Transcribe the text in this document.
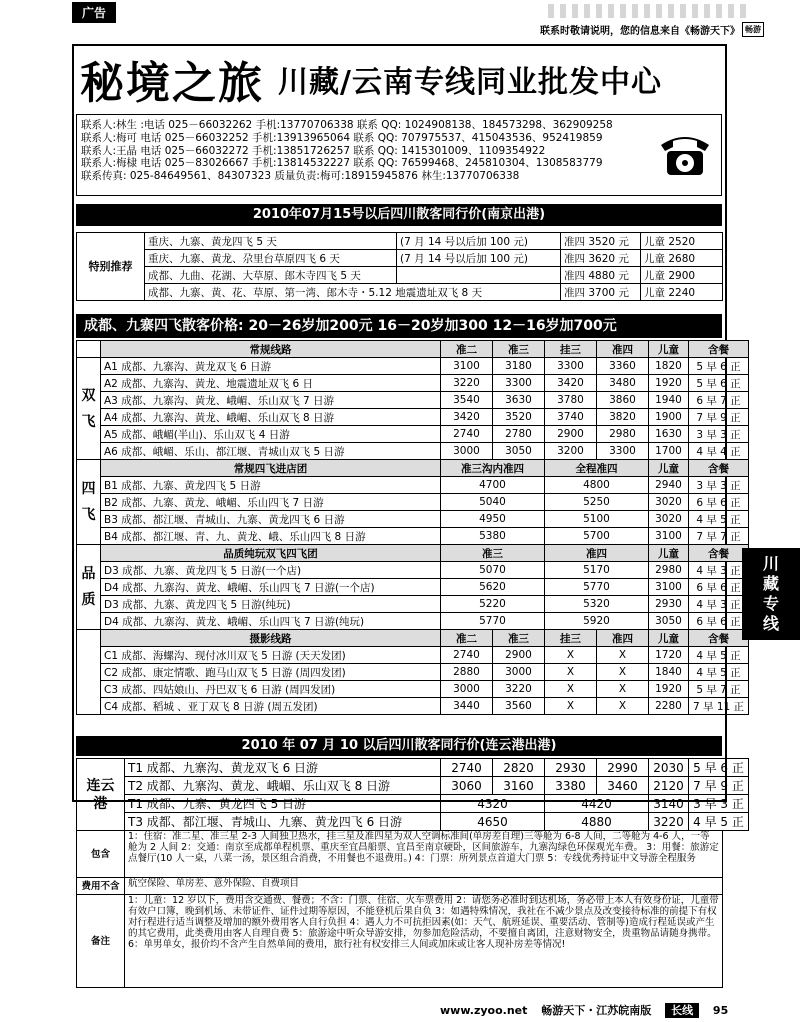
广告
联系时敬请说明，您的信息来自《畅游天下》 畅游
秘境之旅 川藏/云南专线同业批发中心
联系人:林生 :电话 025－66032262 手机:13770706338 联系 QQ: 1024908138、184573298、362909258
联系人:梅可 电话 025－66032252 手机:13913965064 联系 QQ: 707975537、415043536、952419859
联系人:王晶 电话 025－66032272 手机:13851726257 联系 QQ: 1415301009、1109354922
联系人:梅棣 电话 025－83026667 手机:13814532227 联系 QQ: 76599468、245810304、1308583779
联系传真: 025-84649561、84307323 质量负责:梅可:18915945876 林生:13770706338
2010年07月15号以后四川散客同行价(南京出港)
特别推荐	重庆、九寨、黄龙四飞 5 天	(7 月 14 号以后加 100 元)	准四 3520 元	儿童 2520
	重庆、九寨、黄龙、尕里台草原四飞 6 天	(7 月 14 号以后加 100 元)	准四 3620 元	儿童 2680
	成都、九曲、花湖、大草原、郎木寺四飞 5 天		准四 4880 元	儿童 2900
	成都、九寨、黄、花、草原、第一湾、郎木寺・5.12 地震遗址双飞 8 天		准四 3700 元	儿童 2240
成都、九寨四飞散客价格: 20－26岁加200元 16－20岁加300 12－16岁加700元
	常规线路	准二	准三	挂三	准四	儿童	含餐
双飞	A1 成都、九寨沟、黄龙双飞 6 日游	3100	3180	3300	3360	1820	5 早 6 正
	A2 成都、九寨沟、黄龙、地震遗址双飞 6 日	3220	3300	3420	3480	1920	5 早 6 正
	A3 成都、九寨沟、黄龙、峨嵋、乐山双飞 7 日游	3540	3630	3780	3860	1940	6 早 7 正
	A4 成都、九寨沟、黄龙、峨嵋、乐山双飞 8 日游	3420	3520	3740	3820	1900	7 早 9 正
	A5 成都、峨嵋(半山)、乐山双飞 4 日游	2740	2780	2900	2980	1630	3 早 3 正
	A6 成都、峨嵋、乐山、都江堰、青城山双飞 5 日游	3000	3050	3200	3300	1700	4 早 4 正
四飞	常规四飞进店团	准三沟内准四		全程准四		儿童	含餐
	B1 成都、九寨、黄龙四飞 5 日游	4700		4800		2940	3 早 3 正
	B2 成都、九寨、黄龙、峨嵋、乐山四飞 7 日游	5040		5250		3020	6 早 6 正
	B3 成都、都江堰、青城山、九寨、黄龙四飞 6 日游	4950		5100		3020	4 早 5 正
	B4 成都、都江堰、青、九、黄龙、峨、乐山四飞 8 日游	5380		5700		3100	7 早 7 正
品质	品质纯玩双飞四飞团	准三		准四		儿童	含餐
	D3 成都、九寨、黄龙四飞 5 日游(一个店)	5070		5170		2980	4 早 3 正
	D4 成都、九寨沟、黄龙、峨嵋、乐山四飞 7 日游(一个店)	5620		5770		3100	6 早 6 正
	D3 成都、九寨、黄龙四飞 5 日游(纯玩)	5220		5320		2930	4 早 3 正
	D4 成都、九寨沟、黄龙、峨嵋、乐山四飞 7 日游(纯玩)	5770		5920		3050	6 早 6 正
	摄影线路	准二	准三	挂三	准四	儿童	含餐
	C1 成都、海螺沟、现付冰川双飞 5 日游 (天天发团)	2740	2900	X	X	1720	4 早 5 正
	C2 成都、康定情歌、跑马山双飞 5 日游 (周四发团)	2880	3000	X	X	1840	4 早 5 正
	C3 成都、四姑娘山、丹巴双飞 6 日游 (周四发团)	3000	3220	X	X	1920	5 早 7 正
	C4 成都、稻城 、亚丁双飞 8 日游 (周五发团)	3440	3560	X	X	2280	7 早 11 正
2010 年 07 月 10 以后四川散客同行价(连云港出港)
连云港	T1 成都、九寨沟、黄龙双飞 6 日游	2740	2820	2930	2990	2030	5 早 6 正
	T2 成都、九寨沟、黄龙、峨嵋、乐山双飞 8 日游	3060	3160	3380	3460	2120	7 早 9 正
	T1 成都、九寨、黄龙四飞 5 日游	4320		4420		3140	3 早 3 正
	T3 成都、都江堰、青城山、九寨、黄龙四飞 6 日游	4650		4880		3220	4 早 5 正
包含	1：住宿：准二星、准三星 2-3 人间独卫热水，挂三星及准四星为双人空调标准间(单房差自理)三等舱为 6-8 人间，二等舱为 4-6 人，一等舱为 2 人间 2：交通：南京至成都单程机票、重庆至宜昌船票、宜昌至南京硬卧，区间旅游车，九寨沟绿色环保观光车费。 3：用餐：旅游定点餐厅(10 人一桌，八菜一汤，景区组合消费，不用餐也不退费用。) 4：门票：所列景点首道大门票 5：专线优秀持证中文导游全程服务
费用不含	航空保险、单房差、意外保险、自费项目
备注	1：儿童：12 岁以下，费用含交通费、餐费；不含：门票、住宿、火车票费用 2：请您务必准时到达机场，务必带上本人有效身份证，儿童带有效户口簿，晚到机场、未带证件、证件过期等原因，不能登机后果自负 3：如遇特殊情况，我社在不减少景点及改变接待标准的前提下有权对行程进行适当调整及增加的额外费用客人自行负担 4：遇人力不可抗拒因素(如：天气、航班延误、重要活动、管制等)造成行程延误或产生的其它费用，此类费用由客人自理自费 5：旅游途中听众导游安排，勿参加危险活动，不要擅自离团，注意财物安全，贵重物品请随身携带。 6：单男单女，报价均不含产生自然单间的费用，旅行社有权安排三人间或加床或让客人现补房差等情况!
川藏专线
www.zyoo.net 畅游天下・江苏皖南版 长线 95
